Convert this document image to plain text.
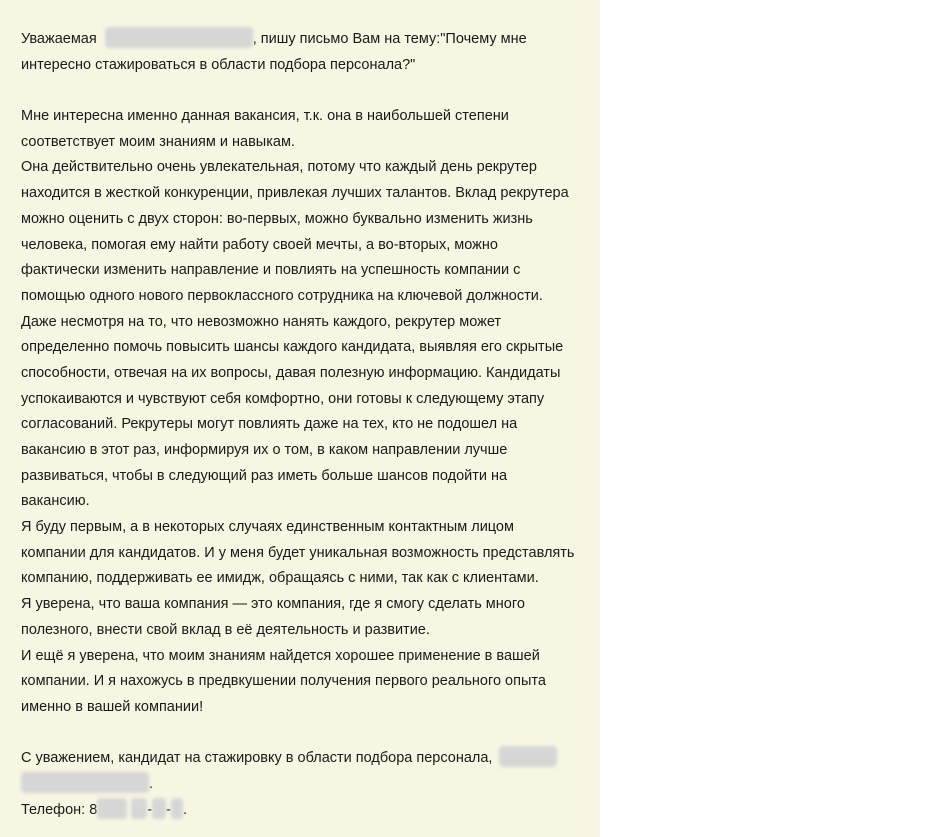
Уважаемая	, пишу письмо Вам на тему:"Почему мне
интересно стажироваться в области подбора персонала?"
Мне интересна именно данная вакансия, т.к. она в наибольшей степени
соответствует моим знаниям и навыкам.
Она действительно очень увлекательная, потому что каждый день рекрутер
находится в жесткой конкуренции, привлекая лучших талантов. Вклад рекрутера
можно оценить с двух сторон: во-первых, можно буквально изменить жизнь
человека, помогая ему найти работу своей мечты, а во-вторых, можно
фактически изменить направление и повлиять на успешность компании с
помощью одного нового первоклассного сотрудника на ключевой должности.
Даже несмотря на то, что невозможно нанять каждого, рекрутер может
определенно помочь повысить шансы каждого кандидата, выявляя его скрытые
способности, отвечая на их вопросы, давая полезную информацию. Кандидаты
успокаиваются и чувствуют себя комфортно, они готовы к следующему этапу
согласований. Рекрутеры могут повлиять даже на тех, кто не подошел на
вакансию в этот раз, информируя их о том, в каком направлении лучше
развиваться, чтобы в следующий раз иметь больше шансов подойти на
вакансию.
Я буду первым, а в некоторых случаях единственным контактным лицом
компании для кандидатов. И у меня будет уникальная возможность представлять
компанию, поддерживать ее имидж, обращаясь с ними, так как с клиентами.
Я уверена, что ваша компания — это компания, где я смогу сделать много
полезного, внести свой вклад в её деятельность и развитие.
И ещё я уверена, что моим знаниям найдется хорошее применение в вашей
компании. И я нахожусь в предвкушении получения первого реального опыта
именно в вашей компании!
С уважением, кандидат на стажировку в области подбора персонала,
.
Телефон: 8	- - .
